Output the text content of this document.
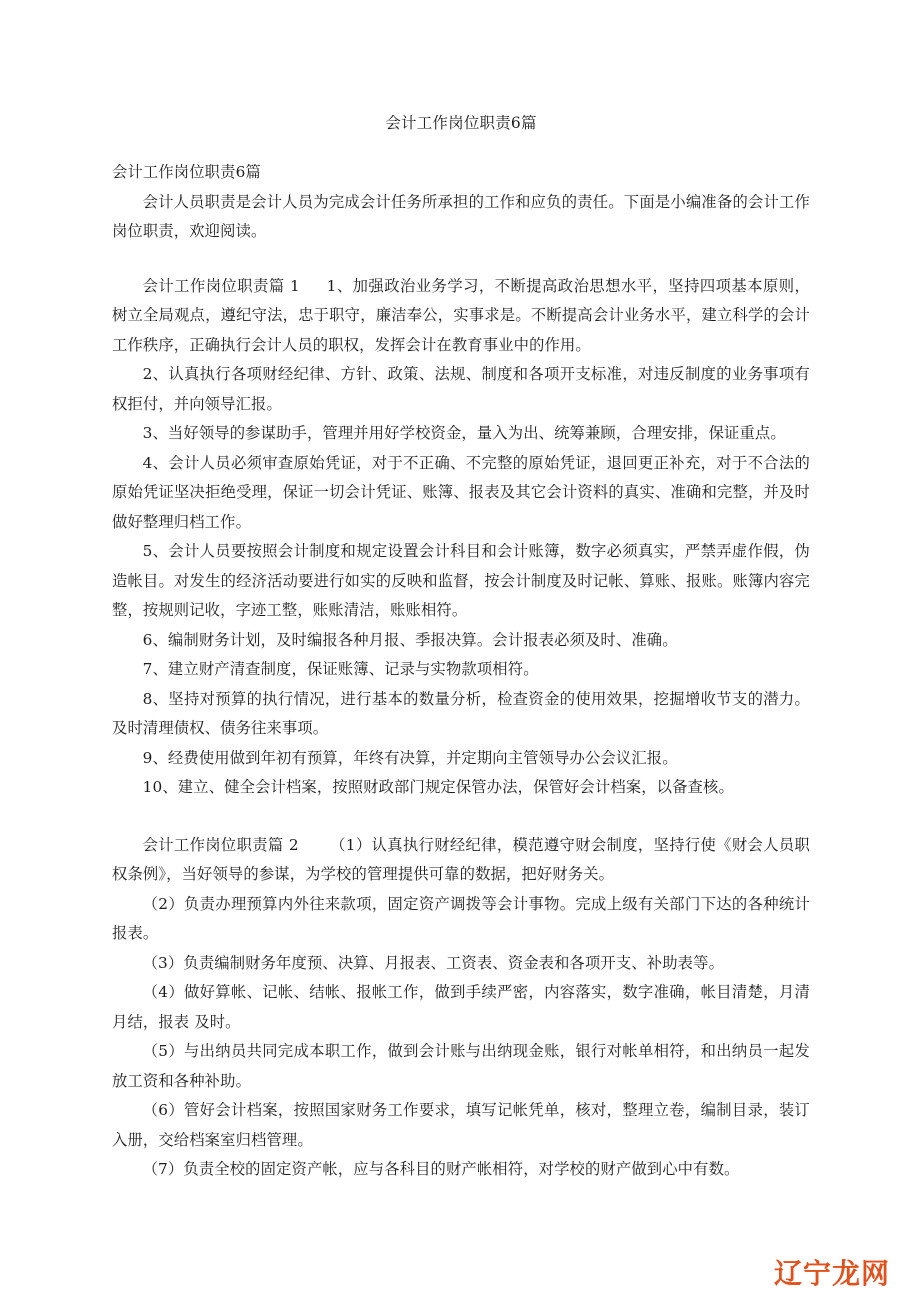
会计工作岗位职责6篇

会计工作岗位职责6篇

会计人员职责是会计人员为完成会计任务所承担的工作和应负的责任。下面是小编准备的会计工作岗位职责，欢迎阅读。

会计工作岗位职责篇 1 1、加强政治业务学习，不断提高政治思想水平，坚持四项基本原则，树立全局观点，遵纪守法，忠于职守，廉洁奉公，实事求是。不断提高会计业务水平，建立科学的会计工作秩序，正确执行会计人员的职权，发挥会计在教育事业中的作用。

2、认真执行各项财经纪律、方针、政策、法规、制度和各项开支标准，对违反制度的业务事项有权拒付，并向领导汇报。

3、当好领导的参谋助手，管理并用好学校资金，量入为出、统筹兼顾，合理安排，保证重点。

4、会计人员必须审查原始凭证，对于不正确、不完整的原始凭证，退回更正补充，对于不合法的原始凭证坚决拒绝受理，保证一切会计凭证、账簿、报表及其它会计资料的真实、准确和完整，并及时做好整理归档工作。

5、会计人员要按照会计制度和规定设置会计科目和会计账簿，数字必须真实，严禁弄虚作假，伪造帐目。对发生的经济活动要进行如实的反映和监督，按会计制度及时记帐、算账、报账。账簿内容完整，按规则记收，字迹工整，账账清洁，账账相符。

6、编制财务计划，及时编报各种月报、季报决算。会计报表必须及时、准确。

7、建立财产清查制度，保证账簿、记录与实物款项相符。

8、坚持对预算的执行情况，进行基本的数量分析，检查资金的使用效果，挖掘增收节支的潜力。及时清理债权、债务往来事项。

9、经费使用做到年初有预算，年终有决算，并定期向主管领导办公会议汇报。

10、建立、健全会计档案，按照财政部门规定保管办法，保管好会计档案，以备查核。

会计工作岗位职责篇 2 （1）认真执行财经纪律，模范遵守财会制度，坚持行使《财会人员职权条例》，当好领导的参谋，为学校的管理提供可靠的数据，把好财务关。

（2）负责办理预算内外往来款项，固定资产调拨等会计事物。完成上级有关部门下达的各种统计报表。

（3）负责编制财务年度预、决算、月报表、工资表、资金表和各项开支、补助表等。

（4）做好算帐、记帐、结帐、报帐工作，做到手续严密，内容落实，数字准确，帐目清楚，月清月结，报表 及时。

（5）与出纳员共同完成本职工作，做到会计账与出纳现金账，银行对帐单相符，和出纳员一起发放工资和各种补助。

（6）管好会计档案，按照国家财务工作要求，填写记帐凭单，核对，整理立卷，编制目录，装订入册，交给档案室归档管理。

（7）负责全校的固定资产帐，应与各科目的财产帐相符，对学校的财产做到心中有数。

辽宁龙网
